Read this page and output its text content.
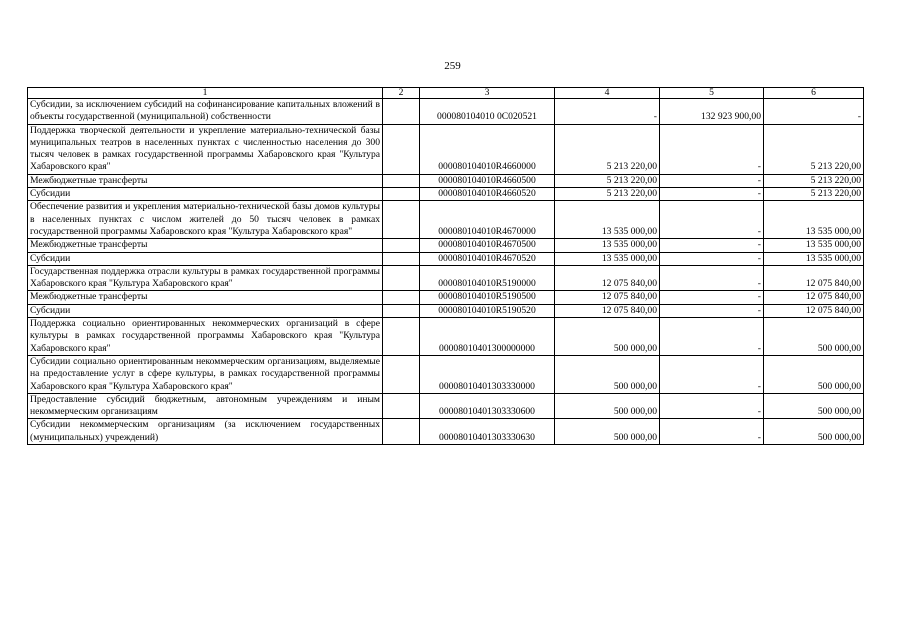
259
1	2	3	4	5	6
Субсидии, за исключением субсидий на софинансирование капитальных вложений в объекты государственной (муниципальной) собственности		000080104010 0C020521	-	132 923 900,00	-
Поддержка творческой деятельности и укрепление материально-технической базы муниципальных театров в населенных пунктах с численностью населения до 300 тысяч человек в рамках государственной программы Хабаровского края "Культура Хабаровского края"		000080104010R4660000	5 213 220,00	-	5 213 220,00
Межбюджетные трансферты		000080104010R4660500	5 213 220,00	-	5 213 220,00
Субсидии		000080104010R4660520	5 213 220,00	-	5 213 220,00
Обеспечение развития и укрепления материально-технической базы домов культуры в населенных пунктах с числом жителей до 50 тысяч человек в рамках государственной программы Хабаровского края "Культура Хабаровского края"		000080104010R4670000	13 535 000,00	-	13 535 000,00
Межбюджетные трансферты		000080104010R4670500	13 535 000,00	-	13 535 000,00
Субсидии		000080104010R4670520	13 535 000,00	-	13 535 000,00
Государственная поддержка отрасли культуры в рамках государственной программы Хабаровского края "Культура Хабаровского края"		000080104010R5190000	12 075 840,00	-	12 075 840,00
Межбюджетные трансферты		000080104010R5190500	12 075 840,00	-	12 075 840,00
Субсидии		000080104010R5190520	12 075 840,00	-	12 075 840,00
Поддержка социально ориентированных некоммерческих организаций в сфере культуры в рамках государственной программы Хабаровского края "Культура Хабаровского края"		00008010401300000000	500 000,00	-	500 000,00
Субсидии социально ориентированным некоммерческим организациям, выделяемые на предоставление услуг в сфере культуры, в рамках государственной программы Хабаровского края "Культура Хабаровского края"		00008010401303330000	500 000,00	-	500 000,00
Предоставление субсидий бюджетным, автономным учреждениям и иным некоммерческим организациям		00008010401303330600	500 000,00	-	500 000,00
Субсидии некоммерческим организациям (за исключением государственных (муниципальных) учреждений)		00008010401303330630	500 000,00	-	500 000,00
